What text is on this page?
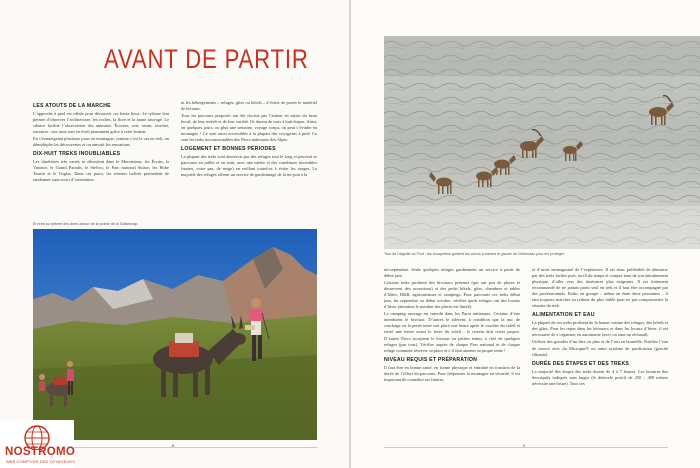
AVANT DE PARTIR
LES ATOUTS DE LA MARCHE

L’approche à pied est idéale pour découvrir ces hauts lieux. Le rythme lent permet d’observer l’architecture, les roches, la flore et la faune sauvage. Le silence facilite l’observation des animaux. Écouter, voir, sentir, toucher, savourer : nos sens sont en éveil permanent grâce à cette lenteur.

En s’immergeant plusieurs jours en montagne, comme c’est le cas en trek, on démultiplie les découvertes et on amortit les sensations.

DIX-HUIT TREKS INOUBLIABLES

Les itinéraires très variés se déroulent dans le Mercantour, les Écrins, la Vanoise, le Grand Paradis, le Stelvio, le Parc national Suisse, les Hohe Tauern et le Triglav. Dans ces parcs, les sentiers balisés permettent de randonner sans souci d’orientation.

ni les hébergements – refuges, gîtes ou hôtels – d’éviter de porter le matériel de bivouac.

Tous les parcours proposés ont été choisis par l’auteur en mixte du beau bocal, de leur intérêt et de leur variété. Ils durent de trois à huit étapes. Ainsi, en quelques jours, ou plus une semaine, voyage conçu, on peut s’évader en montagne ! Ce sont aussi accessibles à la plupart des voyageurs à pied. Ce sont les treks incontournables des Parcs nationaux des Alpes.

LOGEMENT ET BONNES PÉRIODES

La plupart des treks sont desservis par des refuges tout le long et peuvent se parcourir en juillet et en août, avec une météo et des conditions favorables (moins, voire pas, de neige) en veillant toutefois à éviter les orages. La majorité des refuges offrent un service de gardiennage de la mi-juin à la

En trek au rythme des ânes autour de la pointe de la Galisecrap.
8
NOSTROMO
WEB COMPTOIR DES VOYAGEURS
Tour de l’aiguille du Fruit : les bouquetins guident les caïros à travers le glacier de Gébroulaz pour les protéger.

mi-septembre. Seuls quelques refuges gardiennent un service à partir de début juin.

Certains treks profitent des bivouacs présents (qui ont peu de places et desservent des accessions) et des petits hôtels, gîtes, chambres et tables d’hôtes, B&B, agritourismes et campings. Pour parcourir ces treks début juin, fin septembre ou début octobre, vérifiez quels refuges ont des locaux d’hiver (attention le nombre des places est limité).

Le camping sauvage est interdit dans les Parcs nationaux. Certains d’eux interdisent le bivouac. D’autres le tolèrent, à condition que la nuc de couchage ou la petite tente soit placé une heure après le coucher du soleil et retiré une heure avant le lever du soleil : le terrain doit rester propre. D’autres Parcs acceptent le bivouac en petites tentes, à côté de quelques refuges (pas tous). Vérifier auprès de chaque Parc national et de chaque refuge comment réserver sa place et s’il faut amener sa propre tente !

NIVEAU REQUIS ET PRÉPARATION

Il faut être en bonne santé, en forme physique et entraîné en fonction de la durée de l’effort du parcours. Pour fréquenter la montagne en sécurité, il est important de connaître ses limites,

et d’avoir emmagasiné de l’expérience. Il est donc préférable de démarrer par des treks faciles puis, au fil du temps et compte tenu de son entraînement physique, d’aller vers des itinéraires plus exigeants. Il est fortement recommandé de ne jamais partir seul en trek et il faut être accompagné par des professionnels. Enfin, en groupe – même en étant deux personnes – il faut toujours marcher au rythme du plus faible pour ne pas compromettre la réussite du trek.

ALIMENTATION ET EAU

La plupart de ces treks profitent de la bonne cuisine des refuges, des hôtels et des gîtes. Pour les repas dans les bivouacs et dans les locaux d’hiver, il est nécessaire de s’organiser en autonomie (avec ou sans un réchaud).

Utilisez des gourdes d’un litre ou plus et de l’eau en bouteille. Purifiez l’eau de source avec du Micropur® ou autre système de purification (gravité filtrante).

DURÉE DES ÉTAPES ET DES TREKS

La majorité des étapes des treks durent de 4 à 7 heures. Les horaires des descriptifs indiqués sont larges (le dénivelé positif de 250 – 400 mètres nécessite une heure). Tous ces

9
